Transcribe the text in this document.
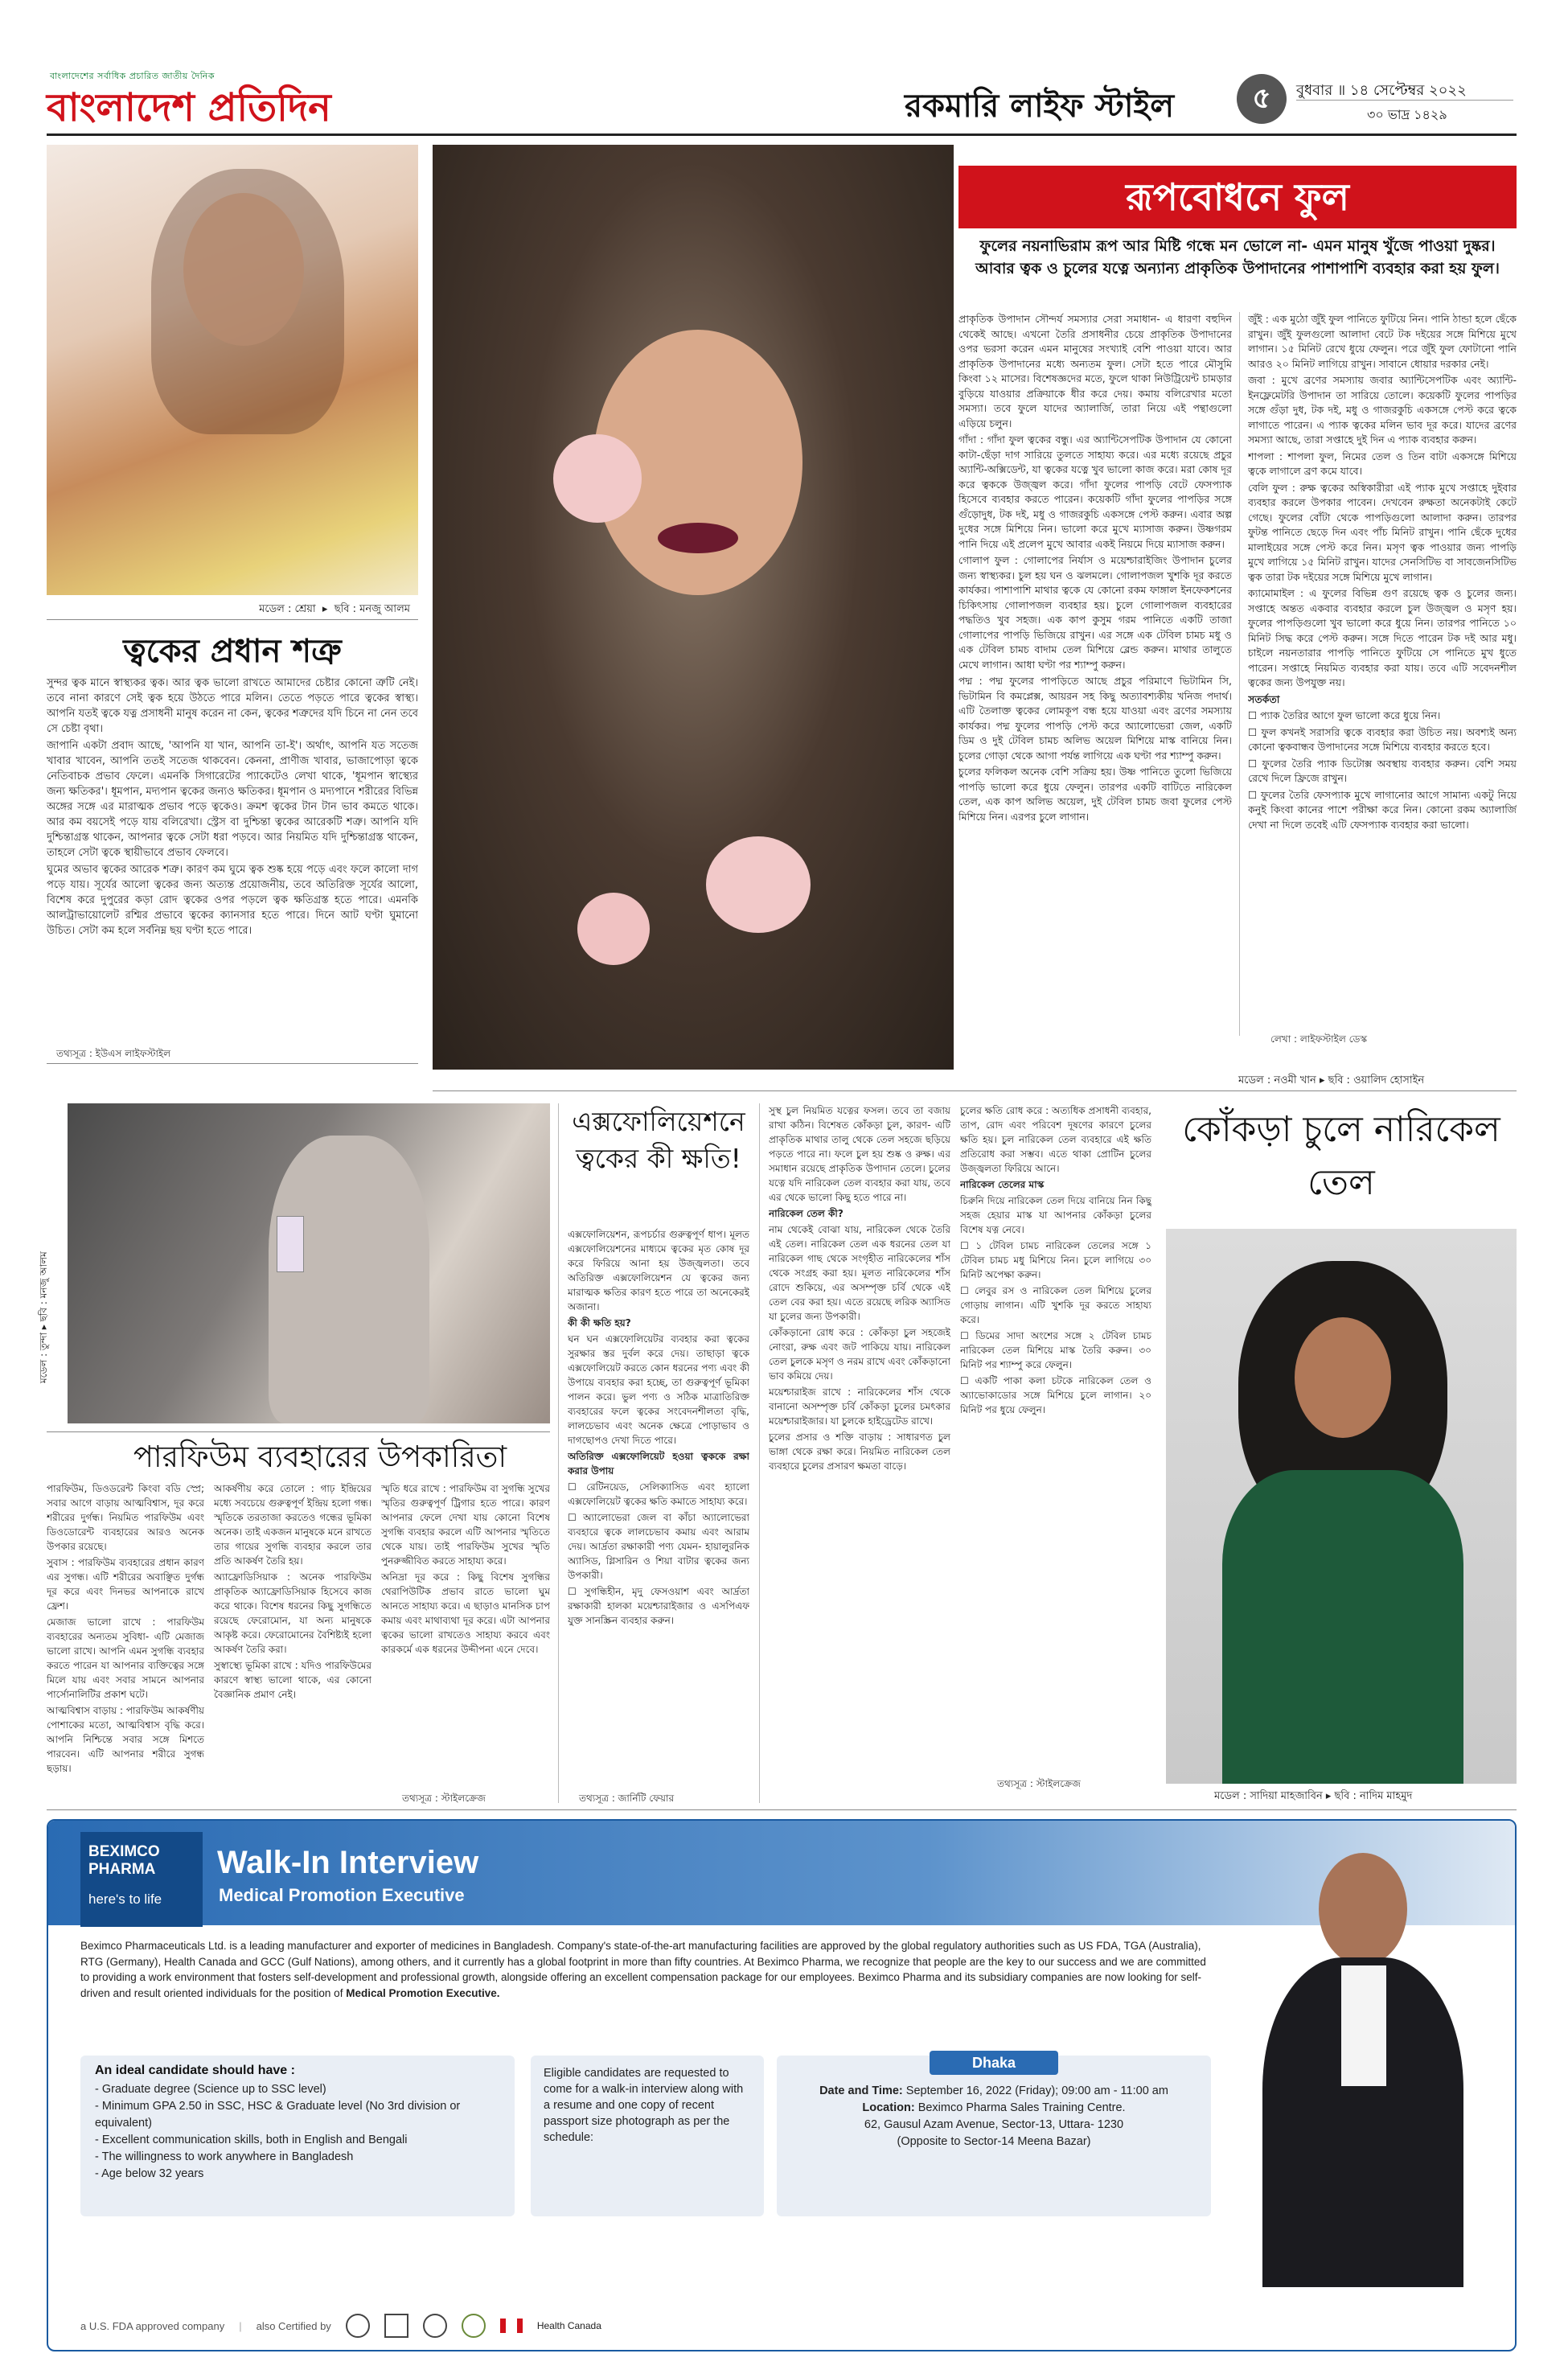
বাংলাদেশের সর্বাধিক প্রচারিত জাতীয় দৈনিক
বাংলাদেশ প্রতিদিন	রকমারি লাইফ স্টাইল	৫	বুধবার ॥ ১৪ সেপ্টেম্বর ২০২২
৩০ ভাদ্র ১৪২৯
মডেল : শ্রেয়া  ▸  ছবি : মনজু আলম
ত্বকের প্রধান শত্রু

সুন্দর ত্বক মানে স্বাস্থ্যকর ত্বক। আর ত্বক ভালো রাখতে আমাদের চেষ্টার কোনো ত্রুটি নেই। তবে নানা কারণে সেই ত্বক হয়ে উঠতে পারে মলিন। তেতে পড়তে পারে ত্বকের স্বাস্থ্য। আপনি যতই ত্বকে যত্ন প্রসাধনী মানুষ করেন না কেন, ত্বকের শত্রুদের যদি চিনে না নেন তবে সে চেষ্টা বৃথা।

জাপানি একটা প্রবাদ আছে, 'আপনি যা খান, আপনি তা-ই'। অর্থাৎ, আপনি যত সতেজ খাবার খাবেন, আপনি ততই সতেজ থাকবেন। কেননা, প্রাণীজ খাবার, ভাজাপোড়া ত্বকে নেতিবাচক প্রভাব ফেলে। এমনকি সিগারেটের প্যাকেটেও লেখা থাকে, 'ধূমপান স্বাস্থ্যের জন্য ক্ষতিকর'। ধূমপান, মদ্যপান ত্বকের জন্যও ক্ষতিকর। ধূমপান ও মদ্যপানে শরীরের বিভিন্ন অঙ্গের সঙ্গে এর মারাত্মক প্রভাব পড়ে ত্বকেও। ক্রমশ ত্বকের টান টান ভাব কমতে থাকে। আর কম বয়সেই পড়ে যায় বলিরেখা। স্ট্রেস বা দুশ্চিন্তা ত্বকের আরেকটি শত্রু। আপনি যদি দুশ্চিন্তাগ্রস্ত থাকেন, আপনার ত্বকে সেটা ধরা পড়বে। আর নিয়মিত যদি দুশ্চিন্তাগ্রস্ত থাকেন, তাহলে সেটা ত্বকে স্থায়ীভাবে প্রভাব ফেলবে।

ঘুমের অভাব ত্বকের আরেক শত্রু। কারণ কম ঘুমে ত্বক শুষ্ক হয়ে পড়ে এবং ফলে কালো দাগ পড়ে যায়। সূর্যের আলো ত্বকের জন্য অত্যন্ত প্রয়োজনীয়, তবে অতিরিক্ত সূর্যের আলো, বিশেষ করে দুপুরের কড়া রোদ ত্বকের ওপর পড়লে ত্বক ক্ষতিগ্রস্ত হতে পারে। এমনকি আলট্রাভায়োলেট রশ্মির প্রভাবে ত্বকের ক্যানসার হতে পারে। দিনে আট ঘণ্টা ঘুমানো উচিত। সেটা কম হলে সর্বনিম্ন ছয় ঘণ্টা হতে পারে।

তথ্যসূত্র : ইউএস লাইফস্টাইল
রূপবোধনে ফুল
ফুলের নয়নাভিরাম রূপ আর মিষ্টি গন্ধে মন ভোলে না- এমন মানুষ খুঁজে পাওয়া দুষ্কর। আবার ত্বক ও চুলের যত্নে অন্যান্য প্রাকৃতিক উপাদানের পাশাপাশি ব্যবহার করা হয় ফুল।

প্রাকৃতিক উপাদান সৌন্দর্য সমস্যার সেরা সমাধান- এ ধারণা বহুদিন থেকেই আছে। এখনো তৈরি প্রসাধনীর চেয়ে প্রাকৃতিক উপাদানের ওপর ভরসা করেন এমন মানুষের সংখ্যাই বেশি পাওয়া যাবে। আর প্রাকৃতিক উপাদানের মধ্যে অন্যতম ফুল। সেটা হতে পারে মৌসুমি কিংবা ১২ মাসের। বিশেষজ্ঞদের মতে, ফুলে থাকা নিউট্রিয়েন্ট চামড়ার বুড়িয়ে যাওয়ার প্রক্রিয়াকে ধীর করে দেয়। কমায় বলিরেখার মতো সমস্যা। তবে ফুলে যাদের অ্যালার্জি, তারা নিয়ে এই পন্থাগুলো এড়িয়ে চলুন।

গাঁদা : গাঁদা ফুল ত্বকের বন্ধু। এর অ্যান্টিসেপটিক উপাদান যে কোনো কাটা-ছেঁড়া দাগ সারিয়ে তুলতে সাহায্য করে। এর মধ্যে রয়েছে প্রচুর অ্যান্টি-অক্সিডেন্ট, যা ত্বকের যত্নে খুব ভালো কাজ করে। মরা কোষ দূর করে ত্বককে উজ্জ্বল করে। গাঁদা ফুলের পাপড়ি বেটে ফেসপ্যাক হিসেবে ব্যবহার করতে পারেন। কয়েকটি গাঁদা ফুলের পাপড়ির সঙ্গে গুঁড়োদুধ, টক দই, মধু ও গাজরকুচি একসঙ্গে পেস্ট করুন। এবার অল্প দুধের সঙ্গে মিশিয়ে নিন। ভালো করে মুখে ম্যাসাজ করুন। উষ্ণগরম পানি দিয়ে এই প্রলেপ মুখে আবার একই নিয়মে দিয়ে ম্যাসাজ করুন।

গোলাপ ফুল : গোলাপের নির্যাস ও ময়েশ্চারাইজিং উপাদান চুলের জন্য স্বাস্থ্যকর। চুল হয় ঘন ও ঝলমলে। গোলাপজল খুশকি দূর করতে কার্যকর। পাশাপাশি মাথার ত্বকে যে কোনো রকম ফাঙ্গাল ইনফেকশনের চিকিৎসায় গোলাপজল ব্যবহার হয়। চুলে গোলাপজল ব্যবহারের পদ্ধতিও খুব সহজ। এক কাপ কুসুম গরম পানিতে একটি তাজা গোলাপের পাপড়ি ভিজিয়ে রাখুন। এর সঙ্গে এক টেবিল চামচ মধু ও এক টেবিল চামচ বাদাম তেল মিশিয়ে ব্লেন্ড করুন। মাথার তালুতে মেখে লাগান। আধা ঘণ্টা পর শ্যাম্পু করুন।

পদ্ম : পদ্ম ফুলের পাপড়িতে আছে প্রচুর পরিমাণে ভিটামিন সি, ভিটামিন বি কমপ্লেক্স, আয়রন সহ কিছু অত্যাবশ্যকীয় খনিজ পদার্থ। এটি তৈলাক্ত ত্বকের লোমকূপ বন্ধ হয়ে যাওয়া এবং ব্রণের সমস্যায় কার্যকর। পদ্ম ফুলের পাপড়ি পেস্ট করে অ্যালোভেরা জেল, একটি ডিম ও দুই টেবিল চামচ অলিভ অয়েল মিশিয়ে মাস্ক বানিয়ে নিন। চুলের গোড়া থেকে আগা পর্যন্ত লাগিয়ে এক ঘণ্টা পর শ্যাম্পু করুন।

চুলের ফলিকল অনেক বেশি সক্রিয় হয়। উষ্ণ পানিতে তুলো ভিজিয়ে পাপড়ি ভালো করে ধুয়ে ফেলুন। তারপর একটি বাটিতে নারিকেল তেল, এক কাপ অলিভ অয়েল, দুই টেবিল চামচ জবা ফুলের পেস্ট মিশিয়ে নিন। এরপর চুলে লাগান।

জুঁই : এক মুঠো জুঁই ফুল পানিতে ফুটিয়ে নিন। পানি ঠান্ডা হলে ছেঁকে রাখুন। জুঁই ফুলগুলো আলাদা বেটে টক দইয়ের সঙ্গে মিশিয়ে মুখে লাগান। ১৫ মিনিট রেখে ধুয়ে ফেলুন। পরে জুঁই ফুল ফোটানো পানি আরও ২০ মিনিট লাগিয়ে রাখুন। সাবানে ধোয়ার দরকার নেই।

জবা : মুখে ব্রণের সমস্যায় জবার অ্যান্টিসেপটিক এবং অ্যান্টি-ইনফ্লেমেটরি উপাদান তা সারিয়ে তোলে। কয়েকটি ফুলের পাপড়ির সঙ্গে গুঁড়া দুধ, টক দই, মধু ও গাজরকুচি একসঙ্গে পেস্ট করে ত্বকে লাগাতে পারেন। এ প্যাক ত্বকের মলিন ভাব দূর করে। যাদের ব্রণের সমস্যা আছে, তারা সপ্তাহে দুই দিন এ প্যাক ব্যবহার করুন।

শাপলা : শাপলা ফুল, নিমের তেল ও তিন বাটা একসঙ্গে মিশিয়ে ত্বকে লাগালে ব্রণ কমে যাবে।

বেলি ফুল : রুক্ষ ত্বকের অস্বিকারীরা এই প্যাক মুখে সপ্তাহে দুইবার ব্যবহার করলে উপকার পাবেন। দেখবেন রুক্ষতা অনেকটাই কেটে গেছে। ফুলের বোঁটা থেকে পাপড়িগুলো আলাদা করুন। তারপর ফুটন্ত পানিতে ছেড়ে দিন এবং পাঁচ মিনিট রাখুন। পানি ছেঁকে দুধের মালাইয়ের সঙ্গে পেস্ট করে নিন। মসৃণ ত্বক পাওয়ার জন্য পাপড়ি মুখে লাগিয়ে ১৫ মিনিট রাখুন। যাদের সেনসিটিভ বা সাবজেনসিটিভ ত্বক তারা টক দইয়ের সঙ্গে মিশিয়ে মুখে লাগান।

ক্যামোমাইল : এ ফুলের বিভিন্ন গুণ রয়েছে ত্বক ও চুলের জন্য। সপ্তাহে অন্তত একবার ব্যবহার করলে চুল উজ্জ্বল ও মসৃণ হয়। ফুলের পাপড়িগুলো খুব ভালো করে ধুয়ে নিন। তারপর পানিতে ১০ মিনিট সিদ্ধ করে পেস্ট করুন। সঙ্গে দিতে পারেন টক দই আর মধু। চাইলে নয়নতারার পাপড়ি পানিতে ফুটিয়ে সে পানিতে মুখ ধুতে পারেন। সপ্তাহে নিয়মিত ব্যবহার করা যায়। তবে এটি সবেদনশীল ত্বকের জন্য উপযুক্ত নয়।

সতর্কতা

☐ প্যাক তৈরির আগে ফুল ভালো করে ধুয়ে নিন।

☐ ফুল কখনই সরাসরি ত্বকে ব্যবহার করা উচিত নয়। অবশ্যই অন্য কোনো ত্বকবান্ধব উপাদানের সঙ্গে মিশিয়ে ব্যবহার করতে হবে।

☐ ফুলের তৈরি প্যাক ডিটোক্স অবস্থায় ব্যবহার করুন। বেশি সময় রেখে দিলে ফ্রিজে রাখুন।

☐ ফুলের তৈরি ফেসপ্যাক মুখে লাগানোর আগে সামান্য একটু নিয়ে কনুই কিংবা কানের পাশে পরীক্ষা করে নিন। কোনো রকম অ্যালার্জি দেখা না দিলে তবেই এটি ফেসপ্যাক ব্যবহার করা ভালো।

লেখা : লাইফস্টাইল ডেস্ক
মডেল : নওমী খান ▸ ছবি : ওয়ালিদ হোসাইন
মডেল : তুন্দা ▸ ছবি : মনজু আলম
পারফিউম ব্যবহারের উপকারিতা

পারফিউম, ডিওডরেন্ট কিংবা বডি স্প্রে; সবার আগে বাড়ায় আত্মবিশ্বাস, দূর করে শরীরের দুর্গন্ধ। নিয়মিত পারফিউম এবং ডিওডোরেন্ট ব্যবহারের আরও অনেক উপকার রয়েছে।

সুবাস : পারফিউম ব্যবহারের প্রধান কারণ এর সুগন্ধ। এটি শরীরের অবাঞ্ছিত দুর্গন্ধ দূর করে এবং দিনভর আপনাকে রাখে ফ্রেশ।

মেজাজ ভালো রাখে : পারফিউম ব্যবহারের অন্যতম সুবিধা- এটি মেজাজ ভালো রাখে। আপনি এমন সুগন্ধি ব্যবহার করতে পারেন যা আপনার ব্যক্তিত্বের সঙ্গে মিলে যায় এবং সবার সামনে আপনার পার্সোনালিটির প্রকাশ ঘটে।

আত্মবিশ্বাস বাড়ায় : পারফিউম আকর্ষণীয় পোশাকের মতো, আত্মবিশ্বাস বৃদ্ধি করে। আপনি নিশ্চিন্তে সবার সঙ্গে মিশতে পারবেন। এটি আপনার শরীরে সুগন্ধ ছড়ায়।

আকর্ষণীয় করে তোলে : গাঢ় ইন্দ্রিয়ের মধ্যে সবচেয়ে গুরুত্বপূর্ণ ইন্দ্রিয় হলো গন্ধ। স্মৃতিকে তরতাজা করতেও গন্ধের ভূমিকা অনেক। তাই একজন মানুষকে মনে রাখতে তার গায়ের সুগন্ধি ব্যবহার করলে তার প্রতি আকর্ষণ তৈরি হয়।

অ্যাফ্রোডিসিয়াক : অনেক পারফিউম প্রাকৃতিক অ্যাফ্রোডিসিয়াক হিসেবে কাজ করে থাকে। বিশেষ ধরনের কিছু সুগন্ধিতে রয়েছে ফেরোমোন, যা অন্য মানুষকে আকৃষ্ট করে। ফেরোমোনের বৈশিষ্ট্যই হলো আকর্ষণ তৈরি করা।

সুস্বাস্থ্যে ভূমিকা রাখে : যদিও পারফিউমের কারণে স্বাস্থ্য ভালো থাকে, এর কোনো বৈজ্ঞানিক প্রমাণ নেই।

স্মৃতি ধরে রাখে : পারফিউম বা সুগন্ধি সুখের স্মৃতির গুরুত্বপূর্ণ ট্রিগার হতে পারে। কারণ আপনার ফেলে দেখা যায় কোনো বিশেষ সুগন্ধি ব্যবহার করলে এটি আপনার স্মৃতিতে থেকে যায়। তাই পারফিউম সুখের স্মৃতি পুনরুজ্জীবিত করতে সাহায্য করে।

অনিদ্রা দূর করে : কিছু বিশেষ সুগন্ধির থেরাপিউটিক প্রভাব রাতে ভালো ঘুম আনতে সাহায্য করে। এ ছাড়াও মানসিক চাপ কমায় এবং মাথাব্যথা দূর করে। এটা আপনার ত্বকের ভালো রাখতেও সাহায্য করবে এবং কারকর্মে এক ধরনের উদ্দীপনা এনে দেবে।

তথ্যসূত্র : স্টাইলক্রেজ
এক্সফোলিয়েশনে ত্বকের কী ক্ষতি!

এক্সফোলিয়েশন, রূপচর্চার গুরুত্বপূর্ণ ধাপ। মূলত এক্সফোলিয়েশনের মাধ্যমে ত্বকের মৃত কোষ দূর করে ফিরিয়ে আনা হয় উজ্জ্বলতা। তবে অতিরিক্ত এক্সফোলিয়েশন যে ত্বকের জন্য মারাত্মক ক্ষতির কারণ হতে পারে তা অনেকেরই অজানা।

কী কী ক্ষতি হয়?

ঘন ঘন এক্সফোলিয়েটর ব্যবহার করা ত্বকের সুরক্ষার স্তর দুর্বল করে দেয়। তাছাড়া ত্বকে এক্সফোলিয়েট করতে কোন ধরনের পণ্য এবং কী উপায়ে ব্যবহার করা হচ্ছে, তা গুরুত্বপূর্ণ ভূমিকা পালন করে। ভুল পণ্য ও সঠিক মাত্রাতিরিক্ত ব্যবহারের ফলে ত্বকের সংবেদনশীলতা বৃদ্ধি, লালচেভাব এবং অনেক ক্ষেত্রে পোড়াভাব ও দাগছোপও দেখা দিতে পারে।

অতিরিক্ত এক্সফোলিয়েট হওয়া ত্বককে রক্ষা করার উপায়

☐ রেটিনয়েড, সেলিক্যাসিড এবং হ্যালো এক্সফোলিয়েট ত্বকের ক্ষতি কমাতে সাহায্য করে।

☐ অ্যালোভেরা জেল বা কাঁচা অ্যালোভেরা ব্যবহারে ত্বকে লালচেভাব কমায় এবং আরাম দেয়। আর্দ্রতা রক্ষাকারী পণ্য যেমন- হায়ালুরনিক অ্যাসিড, গ্লিসারিন ও শিয়া বাটার ত্বকের জন্য উপকারী।

☐ সুগন্ধিহীন, মৃদু ফেসওয়াশ এবং আর্দ্রতা রক্ষাকারী হালকা ময়েশ্চারাইজার ও এসপিএফ যুক্ত সানস্ক্রিন ব্যবহার করুন।

তথ্যসূত্র : জার্নিটি ফেয়ার

সুস্থ চুল নিয়মিত যত্নের ফসল। তবে তা বজায় রাখা কঠিন। বিশেষত কোঁকড়া চুল, কারণ- এটি প্রাকৃতিক মাথার তালু থেকে তেল সহজে ছড়িয়ে পড়তে পারে না। ফলে চুল হয় শুষ্ক ও রুক্ষ। এর সমাধান রয়েছে প্রাকৃতিক উপাদান তেলে। চুলের যত্নে যদি নারিকেল তেল ব্যবহার করা যায়, তবে এর থেকে ভালো কিছু হতে পারে না।

নারিকেল তেল কী?

নাম থেকেই বোঝা যায়, নারিকেল থেকে তৈরি এই তেল। নারিকেল তেল এক ধরনের তেল যা নারিকেল গাছ থেকে সংগৃহীত নারিকেলের শাঁস থেকে সংগ্রহ করা হয়। মূলত নারিকেলের শাঁস রোদে শুকিয়ে, এর অসম্পৃক্ত চর্বি থেকে এই তেল বের করা হয়। এতে রয়েছে লরিক অ্যাসিড যা চুলের জন্য উপকারী।

কোঁকড়ানো রোধ করে : কোঁকড়া চুল সহজেই নোংরা, রুক্ষ এবং জট পাকিয়ে যায়। নারিকেল তেল চুলকে মসৃণ ও নরম রাখে এবং কোঁকড়ানো ভাব কমিয়ে দেয়।

ময়েশ্চারাইজ রাখে : নারিকেলের শাঁস থেকে বানানো অসম্পৃক্ত চর্বি কোঁকড়া চুলের চমৎকার ময়েশ্চারাইজার। যা চুলকে হাইড্রেটেড রাখে।

চুলের প্রসার ও শক্তি বাড়ায় : সাধারণত চুল ভাঙ্গা থেকে রক্ষা করে। নিয়মিত নারিকেল তেল ব্যবহারে চুলের প্রসারণ ক্ষমতা বাড়ে।

চুলের ক্ষতি রোধ করে : অত্যধিক প্রসাধনী ব্যবহার, তাপ, রোদ এবং পরিবেশ দূষণের কারণে চুলের ক্ষতি হয়। চুল নারিকেল তেল ব্যবহারে এই ক্ষতি প্রতিরোধ করা সম্ভব। এতে থাকা প্রোটিন চুলের উজ্জ্বলতা ফিরিয়ে আনে।

নারিকেল তেলের মাস্ক

চিরুনি দিয়ে নারিকেল তেল দিয়ে বানিয়ে নিন কিছু সহজ হেয়ার মাস্ক যা আপনার কোঁকড়া চুলের বিশেষ যত্ন নেবে।

☐ ১ টেবিল চামচ নারিকেল তেলের সঙ্গে ১ টেবিল চামচ মধু মিশিয়ে নিন। চুলে লাগিয়ে ৩০ মিনিট অপেক্ষা করুন।

☐ লেবুর রস ও নারিকেল তেল মিশিয়ে চুলের গোড়ায় লাগান। এটি খুশকি দূর করতে সাহায্য করে।

☐ ডিমের সাদা অংশের সঙ্গে ২ টেবিল চামচ নারিকেল তেল মিশিয়ে মাস্ক তৈরি করুন। ৩০ মিনিট পর শ্যাম্পু করে ফেলুন।

☐ একটি পাকা কলা চটকে নারিকেল তেল ও অ্যাভোকাডোর সঙ্গে মিশিয়ে চুলে লাগান। ২০ মিনিট পর ধুয়ে ফেলুন।

তথ্যসূত্র : স্টাইলক্রেজ
কোঁকড়া চুলে নারিকেল তেল
মডেল : সাদিয়া মাহজাবিন ▸ ছবি : নাদিম মাহমুদ
BEXIMCO
PHARMA
here's to life
Walk-In Interview
Medical Promotion Executive
Beximco Pharmaceuticals Ltd. is a leading manufacturer and exporter of medicines in Bangladesh. Company's state-of-the-art manufacturing facilities are approved by the global regulatory authorities such as US FDA, TGA (Australia), RTG (Germany), Health Canada and GCC (Gulf Nations), among others, and it currently has a global footprint in more than fifty countries. At Beximco Pharma, we recognize that people are the key to our success and we are committed to providing a work environment that fosters self-development and professional growth, alongside offering an excellent compensation package for our employees. Beximco Pharma and its subsidiary companies are now looking for self-driven and result oriented individuals for the position of Medical Promotion Executive.
An ideal candidate should have :
- Graduate degree (Science up to SSC level)
- Minimum GPA 2.50 in SSC, HSC & Graduate level (No 3rd division or equivalent)
- Excellent communication skills, both in English and Bengali
- The willingness to work anywhere in Bangladesh
- Age below 32 years
Eligible candidates are requested to come for a walk-in interview along with a resume and one copy of recent passport size photograph as per the schedule:
Dhaka
Date and Time: September 16, 2022 (Friday); 09:00 am - 11:00 am
Location: Beximco Pharma Sales Training Centre.
62, Gausul Azam Avenue, Sector-13, Uttara- 1230
(Opposite to Sector-14 Meena Bazar)
a U.S. FDA approved company | also Certified by	Health Canada
